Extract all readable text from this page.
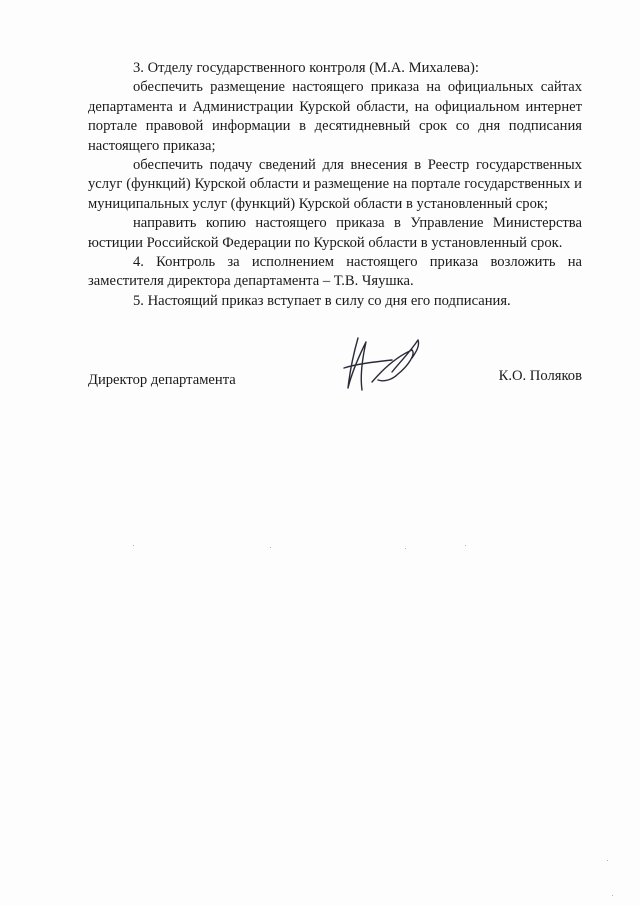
3. Отделу государственного контроля (М.А. Михалева):

обеспечить размещение настоящего приказа на официальных сайтах департамента и Администрации Курской области, на официальном интернет портале правовой информации в десятидневный срок со дня подписания настоящего приказа;

обеспечить подачу сведений для внесения в Реестр государственных услуг (функций) Курской области и размещение на портале государственных и муниципальных услуг (функций) Курской области в установленный срок;

направить копию настоящего приказа в Управление Министерства юстиции Российской Федерации по Курской области в установленный срок.

4. Контроль за исполнением настоящего приказа возложить на заместителя директора департамента – Т.В. Чяушка.

5. Настоящий приказ вступает в силу со дня его подписания.

Директор департамента	К.О. Поляков
